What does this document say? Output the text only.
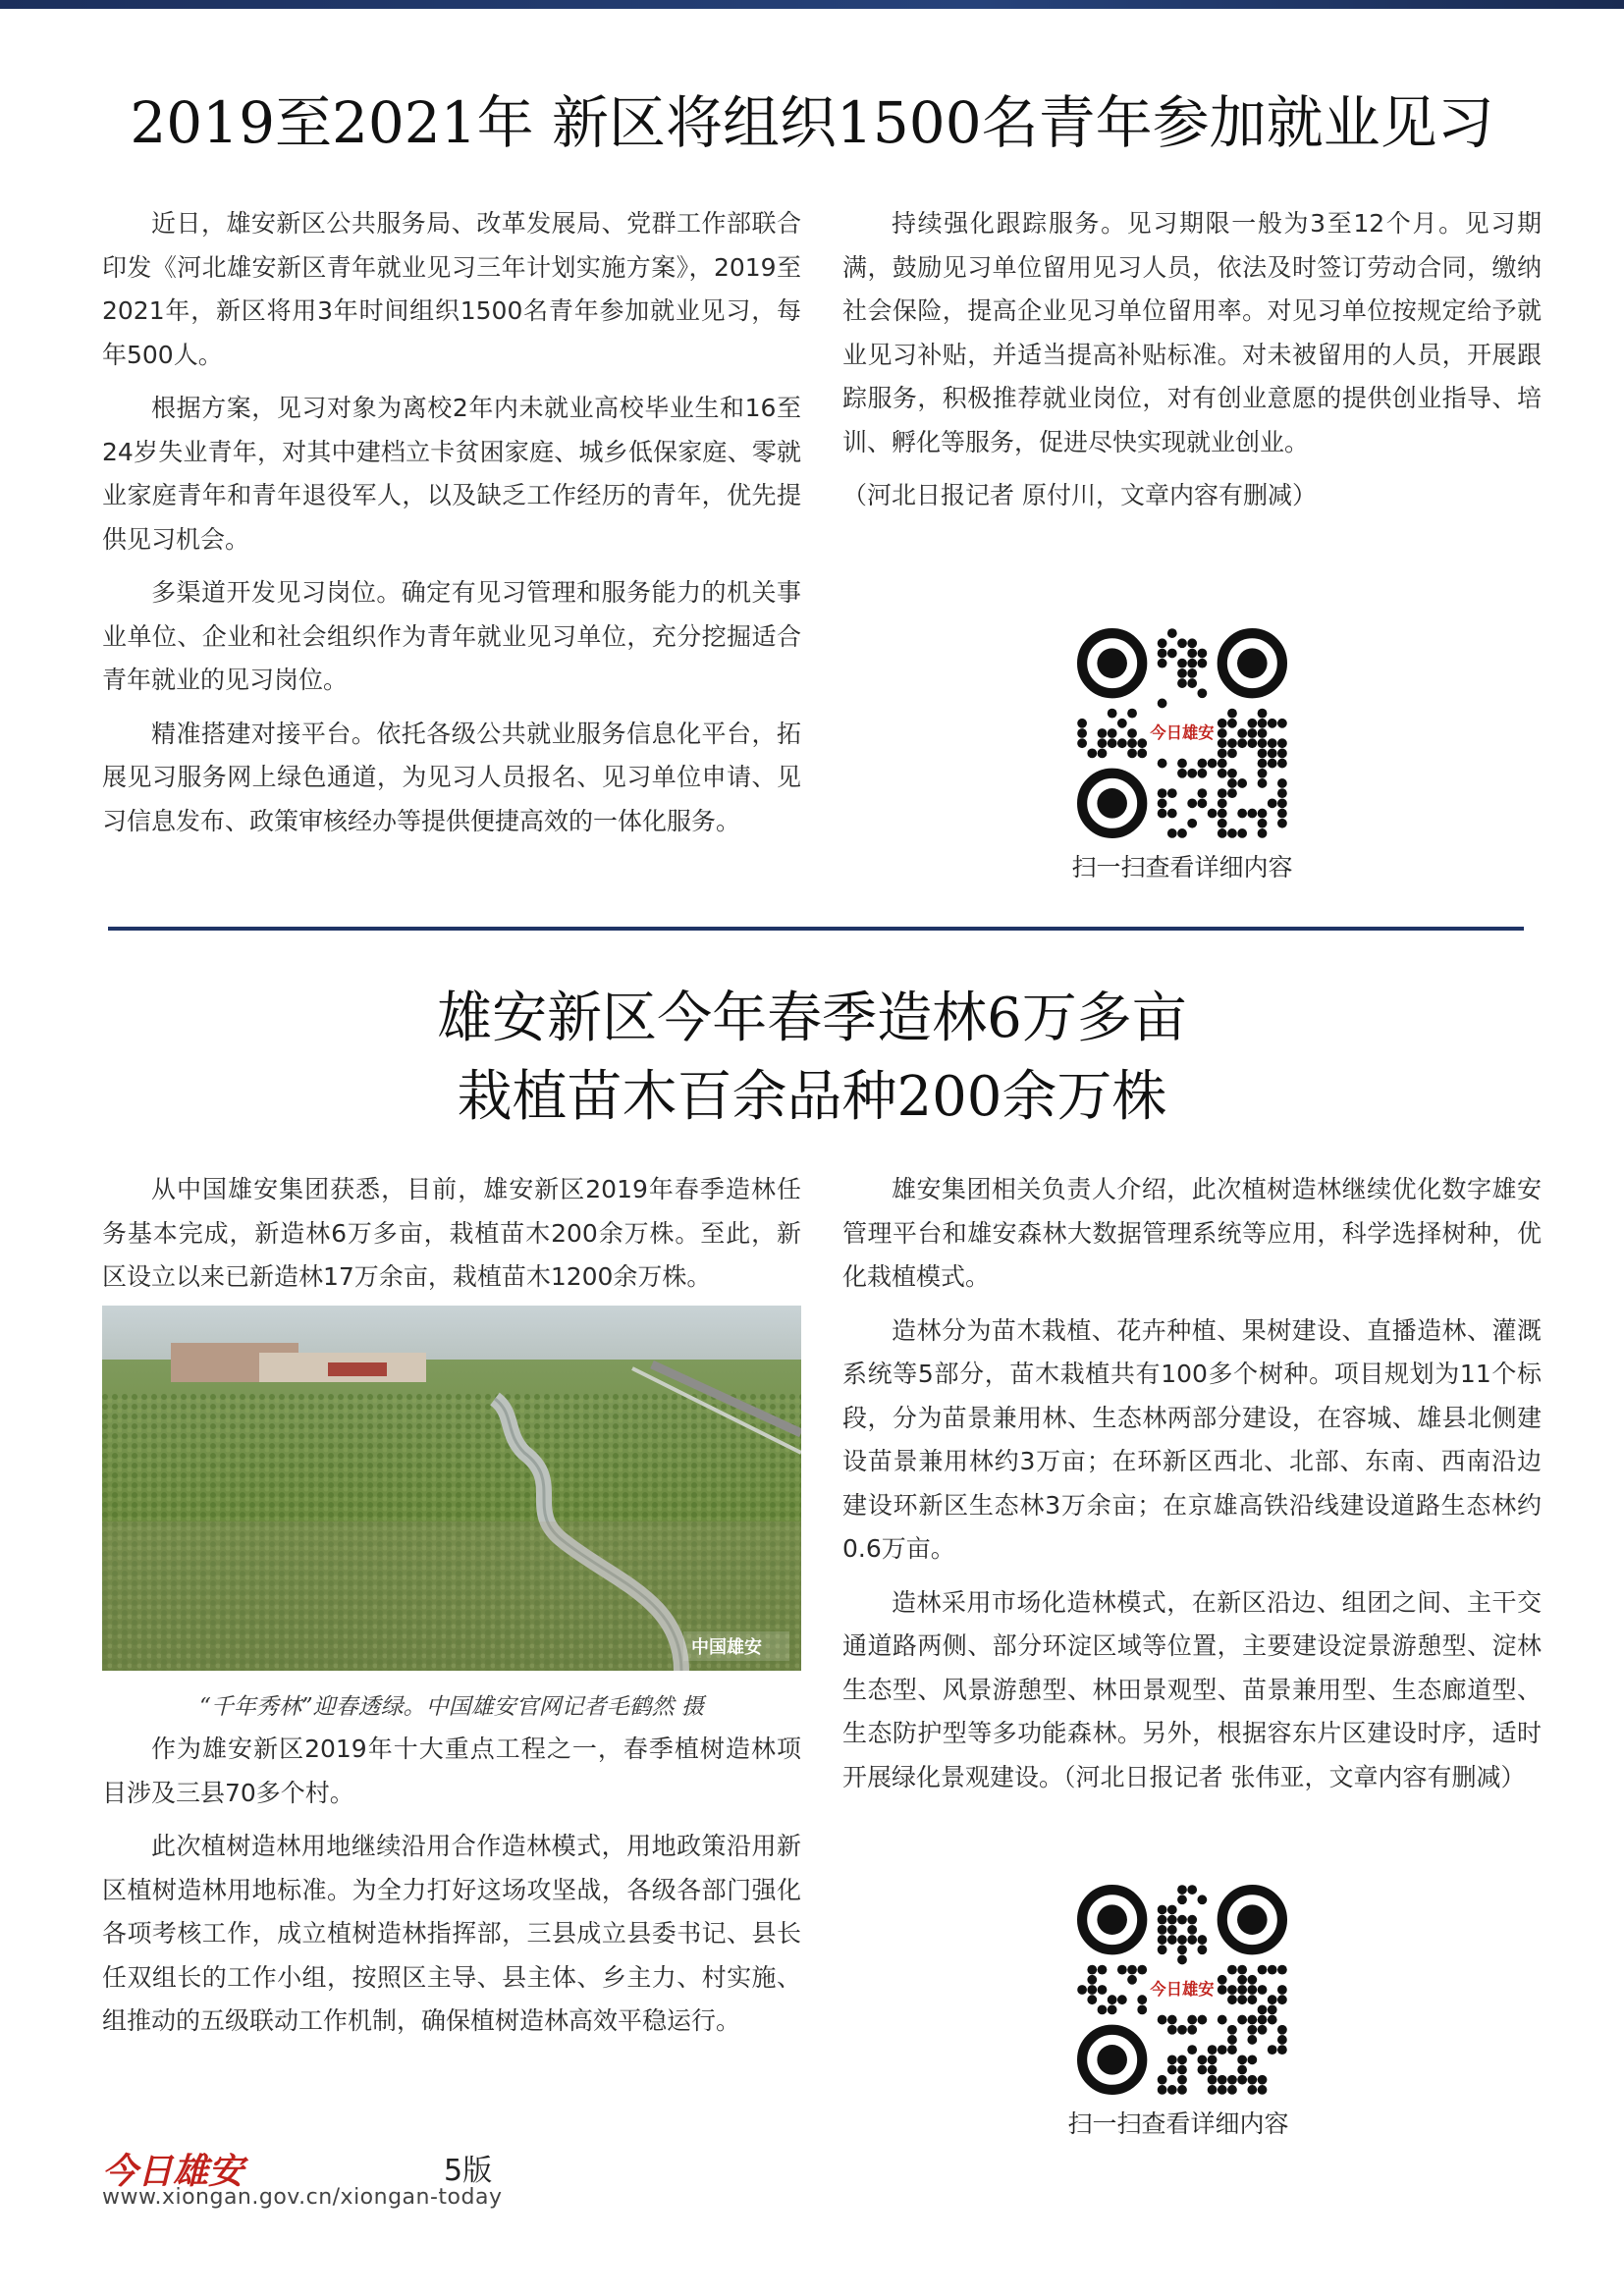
2019至2021年 新区将组织1500名青年参加就业见习

近日，雄安新区公共服务局、改革发展局、党群工作部联合印发《河北雄安新区青年就业见习三年计划实施方案》，2019至2021年，新区将用3年时间组织1500名青年参加就业见习，每年500人。

根据方案，见习对象为离校2年内未就业高校毕业生和16至24岁失业青年，对其中建档立卡贫困家庭、城乡低保家庭、零就业家庭青年和青年退役军人，以及缺乏工作经历的青年，优先提供见习机会。

多渠道开发见习岗位。确定有见习管理和服务能力的机关事业单位、企业和社会组织作为青年就业见习单位，充分挖掘适合青年就业的见习岗位。

精准搭建对接平台。依托各级公共就业服务信息化平台，拓展见习服务网上绿色通道，为见习人员报名、见习单位申请、见习信息发布、政策审核经办等提供便捷高效的一体化服务。

持续强化跟踪服务。见习期限一般为3至12个月。见习期满，鼓励见习单位留用见习人员，依法及时签订劳动合同，缴纳社会保险，提高企业见习单位留用率。对见习单位按规定给予就业见习补贴，并适当提高补贴标准。对未被留用的人员，开展跟踪服务，积极推荐就业岗位，对有创业意愿的提供创业指导、培训、孵化等服务，促进尽快实现就业创业。

（河北日报记者 原付川，文章内容有删减）

今日雄安
扫一扫查看详细内容
雄安新区今年春季造林6万多亩
栽植苗木百余品种200余万株

从中国雄安集团获悉，目前，雄安新区2019年春季造林任务基本完成，新造林6万多亩，栽植苗木200余万株。至此，新区设立以来已新造林17万余亩，栽植苗木1200余万株。

中国雄安
“千年秀林”迎春透绿。中国雄安官网记者毛鹤然 摄

作为雄安新区2019年十大重点工程之一，春季植树造林项目涉及三县70多个村。

此次植树造林用地继续沿用合作造林模式，用地政策沿用新区植树造林用地标准。为全力打好这场攻坚战，各级各部门强化各项考核工作，成立植树造林指挥部，三县成立县委书记、县长任双组长的工作小组，按照区主导、县主体、乡主力、村实施、组推动的五级联动工作机制，确保植树造林高效平稳运行。

雄安集团相关负责人介绍，此次植树造林继续优化数字雄安管理平台和雄安森林大数据管理系统等应用，科学选择树种，优化栽植模式。

造林分为苗木栽植、花卉种植、果树建设、直播造林、灌溉系统等5部分，苗木栽植共有100多个树种。项目规划为11个标段，分为苗景兼用林、生态林两部分建设，在容城、雄县北侧建设苗景兼用林约3万亩；在环新区西北、北部、东南、西南沿边建设环新区生态林3万余亩；在京雄高铁沿线建设道路生态林约0.6万亩。

造林采用市场化造林模式，在新区沿边、组团之间、主干交通道路两侧、部分环淀区域等位置，主要建设淀景游憩型、淀林生态型、风景游憩型、林田景观型、苗景兼用型、生态廊道型、生态防护型等多功能森林。另外，根据容东片区建设时序，适时开展绿化景观建设。（河北日报记者 张伟亚，文章内容有删减）

今日雄安
扫一扫查看详细内容
今日雄安	5版
www.xiongan.gov.cn/xiongan-today
